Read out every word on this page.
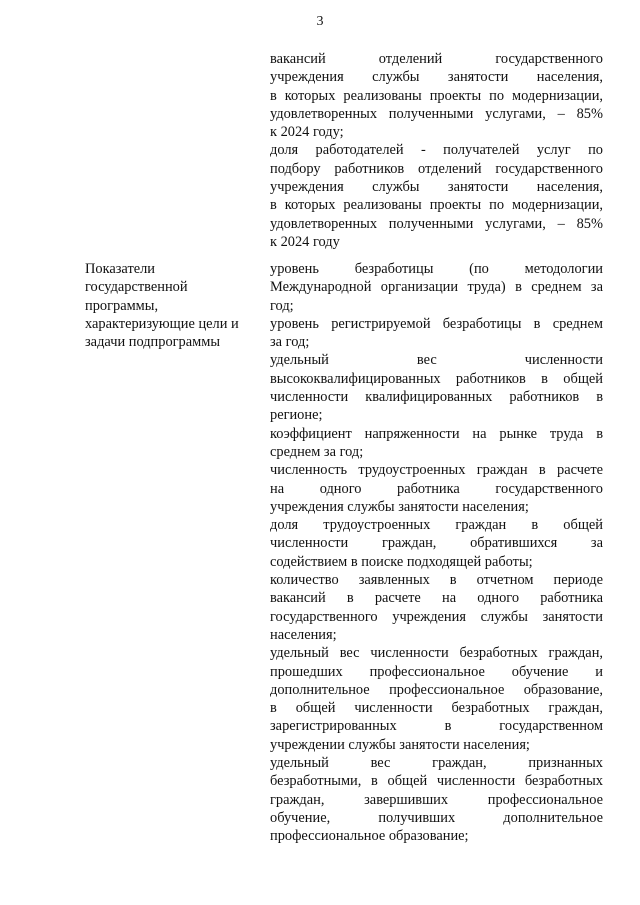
3
вакансий отделений государственного
учреждения службы занятости населения,
в которых реализованы проекты по модернизации,
удовлетворенных полученными услугами, – 85%
к 2024 году;
доля работодателей - получателей услуг по
подбору работников отделений государственного
учреждения службы занятости населения,
в которых реализованы проекты по модернизации,
удовлетворенных полученными услугами, – 85%
к 2024 году
Показатели
государственной
программы,
характеризующие цели и
задачи подпрограммы
уровень безработицы (по методологии
Международной организации труда) в среднем за
год;
уровень регистрируемой безработицы в среднем
за год;
удельный вес численности
высококвалифицированных работников в общей
численности квалифицированных работников в
регионе;
коэффициент напряженности на рынке труда в
среднем за год;
численность трудоустроенных граждан в расчете
на одного работника государственного
учреждения службы занятости населения;
доля трудоустроенных граждан в общей
численности граждан, обратившихся за
содействием в поиске подходящей работы;
количество заявленных в отчетном периоде
вакансий в расчете на одного работника
государственного учреждения службы занятости
населения;
удельный вес численности безработных граждан,
прошедших профессиональное обучение и
дополнительное профессиональное образование,
в общей численности безработных граждан,
зарегистрированных в государственном
учреждении службы занятости населения;
удельный вес граждан, признанных
безработными, в общей численности безработных
граждан, завершивших профессиональное
обучение, получивших дополнительное
профессиональное образование;
